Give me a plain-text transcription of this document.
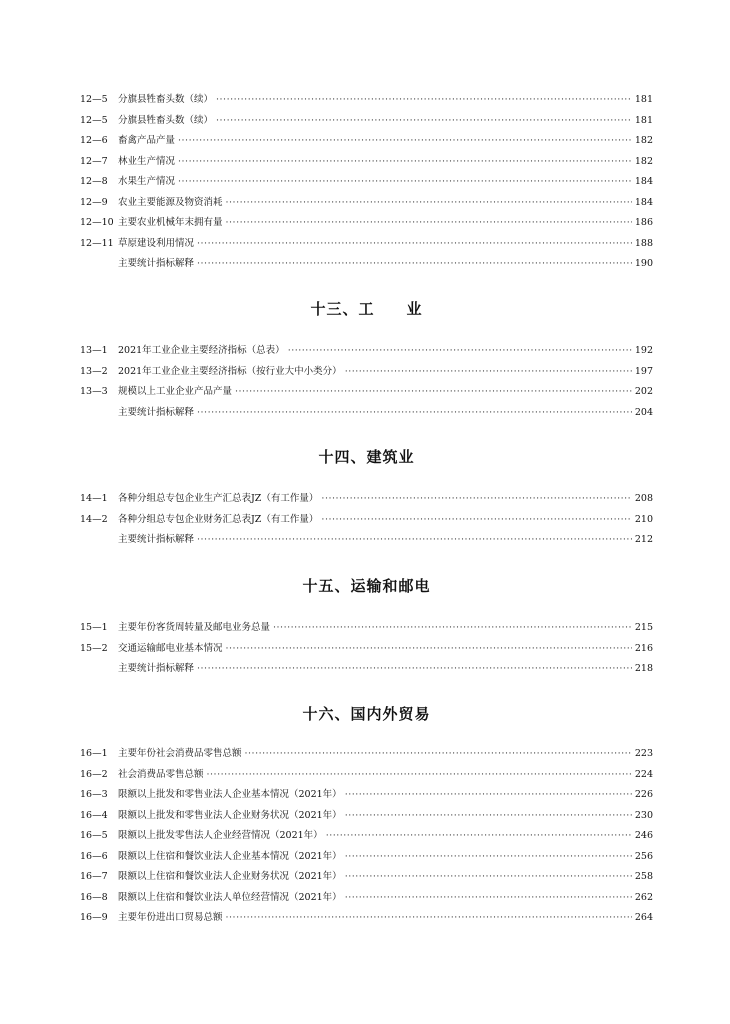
12—5	分旗县牲畜头数（续） ·····	181
12—5	分旗县牲畜头数（续） ·····	181
12—6	畜禽产品产量 ·····	182
12—7	林业生产情况 ·····	182
12—8	水果生产情况 ·····	184
12—9	农业主要能源及物资消耗 ·····	184
12—10 主要农业机械年末拥有量 ·····	186
12—11 草原建设利用情况 ·····	188
主要统计指标解释 ·····	190
十三、工　　业
13—1	2021年工业企业主要经济指标（总表） ·····	192
13—2	2021年工业企业主要经济指标（按行业大中小类分） ·····	197
13—3	规模以上工业企业产品产量 ·····	202
主要统计指标解释 ·····	204
十四、建筑业
14—1	各种分组总专包企业生产汇总表JZ（有工作量） ·····	208
14—2	各种分组总专包企业财务汇总表JZ（有工作量） ·····	210
主要统计指标解释 ·····	212
十五、运输和邮电
15—1	主要年份客货周转量及邮电业务总量 ·····	215
15—2	交通运输邮电业基本情况 ·····	216
主要统计指标解释 ·····	218
十六、国内外贸易
16—1	主要年份社会消费品零售总额 ·····	223
16—2	社会消费品零售总额 ·····	224
16—3	限额以上批发和零售业法人企业基本情况（2021年） ·····	226
16—4	限额以上批发和零售业法人企业财务状况（2021年） ·····	230
16—5	限额以上批发零售法人企业经营情况（2021年） ·····	246
16—6	限额以上住宿和餐饮业法人企业基本情况（2021年） ·····	256
16—7	限额以上住宿和餐饮业法人企业财务状况（2021年） ·····	258
16—8	限额以上住宿和餐饮业法人单位经营情况（2021年） ·····	262
16—9	主要年份进出口贸易总额 ·····	264
